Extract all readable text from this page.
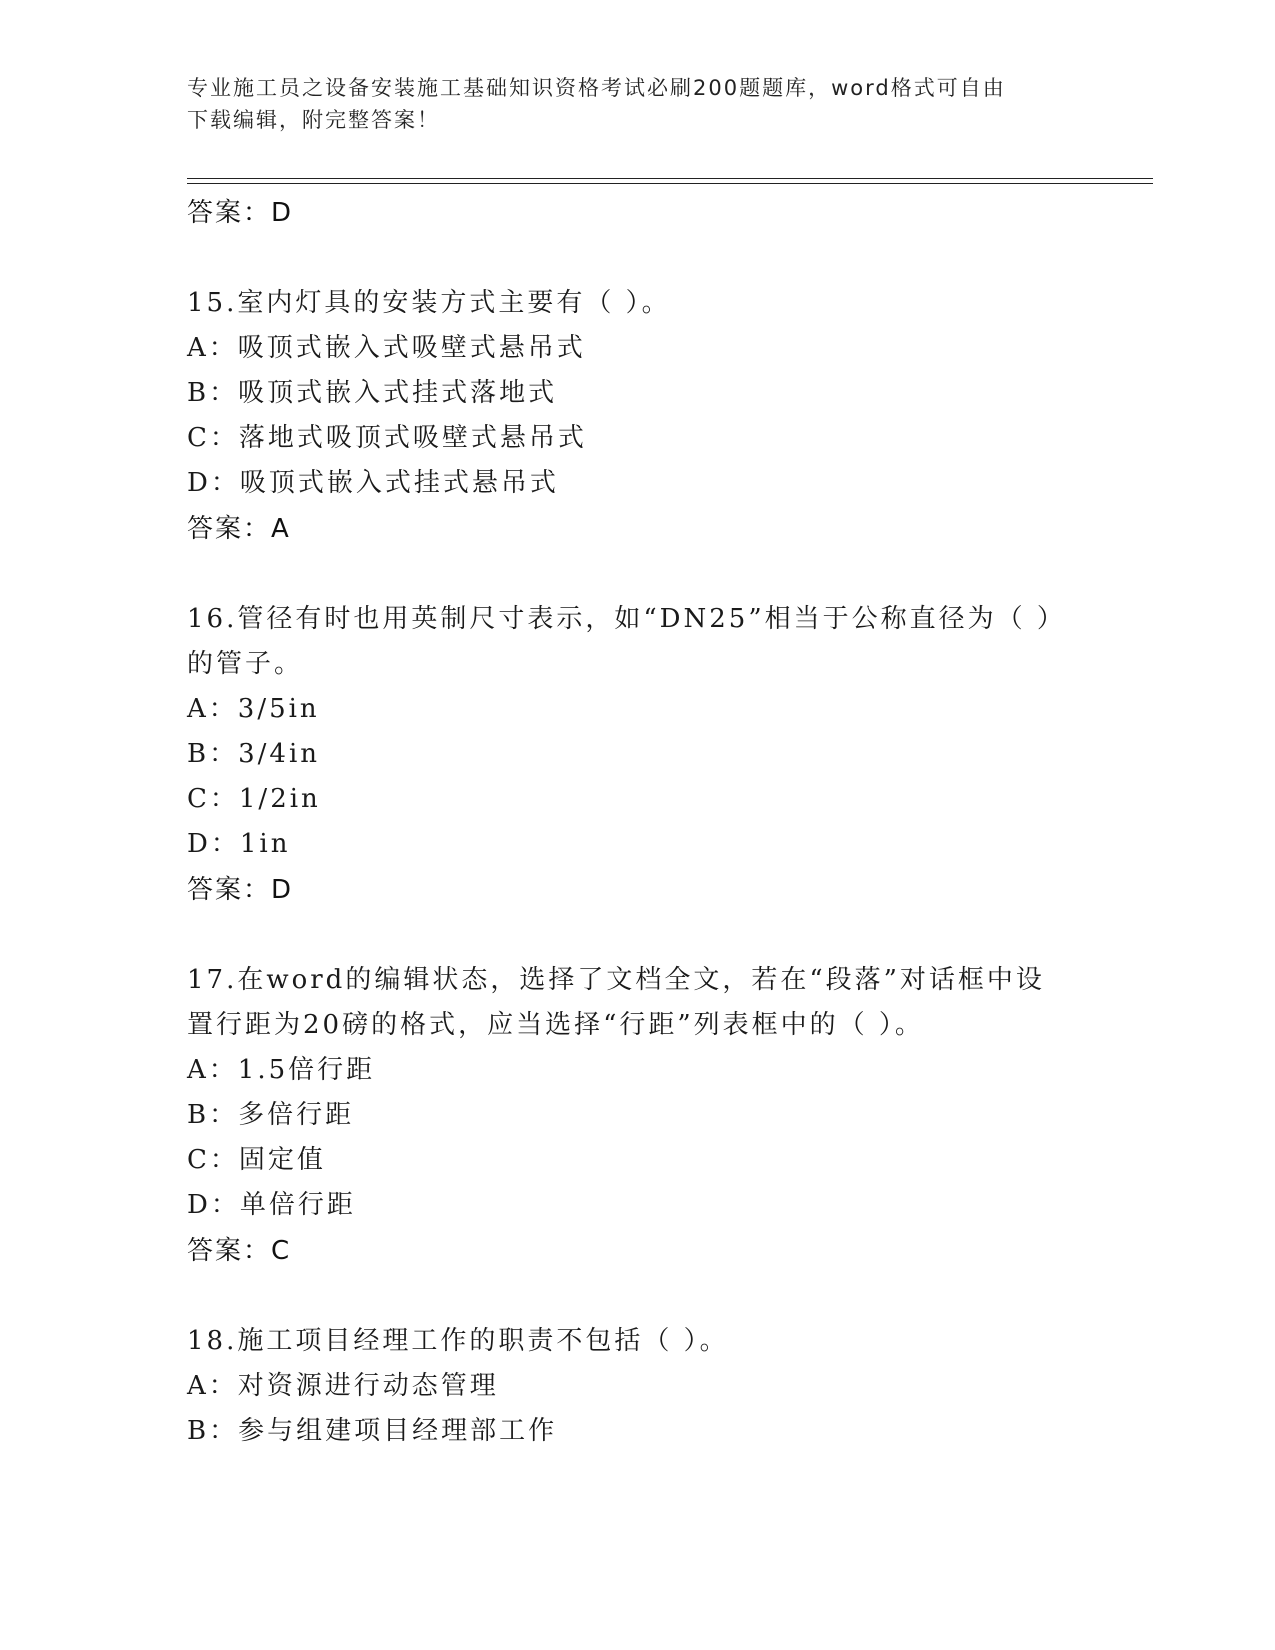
专业施工员之设备安装施工基础知识资格考试必刷200题题库，word格式可自由
下载编辑，附完整答案！
答案：D
15.室内灯具的安装方式主要有（ ）。
A：吸顶式嵌入式吸壁式悬吊式
B：吸顶式嵌入式挂式落地式
C：落地式吸顶式吸壁式悬吊式
D：吸顶式嵌入式挂式悬吊式
答案：A
16.管径有时也用英制尺寸表示，如“DN25”相当于公称直径为（ ）
的管子。
A：3/5in
B：3/4in
C：1/2in
D：1in
答案：D
17.在word的编辑状态，选择了文档全文，若在“段落”对话框中设
置行距为20磅的格式，应当选择“行距”列表框中的（ ）。
A：1.5倍行距
B：多倍行距
C：固定值
D：单倍行距
答案：C
18.施工项目经理工作的职责不包括（ ）。
A：对资源进行动态管理
B：参与组建项目经理部工作
